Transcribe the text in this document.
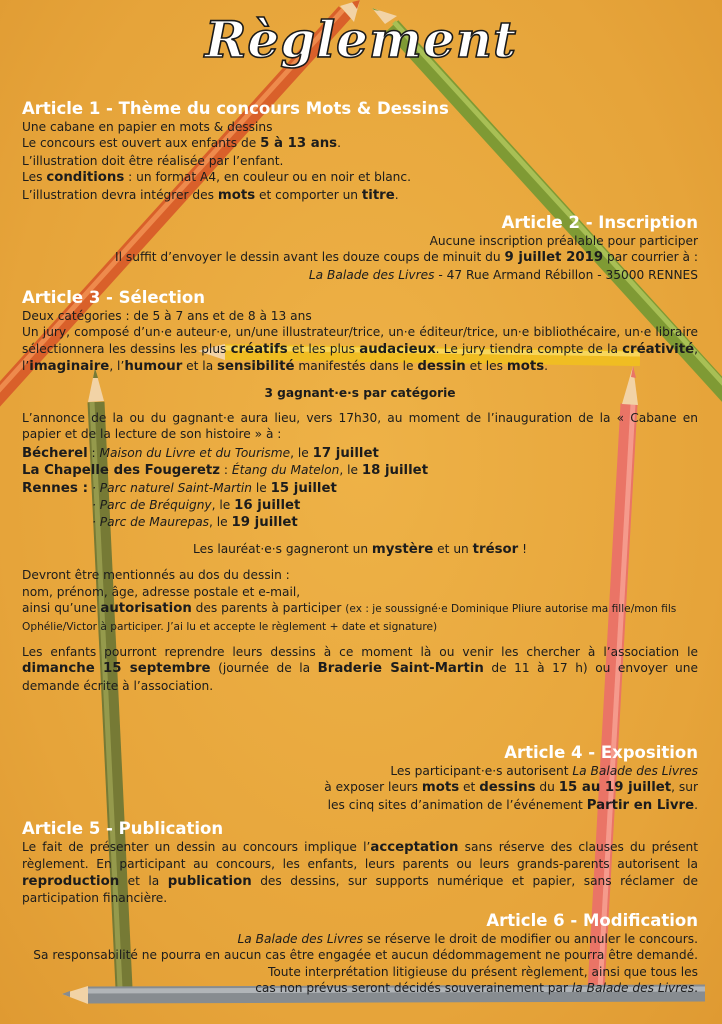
Règlement

Article 1 - Thème du concours Mots & Dessins

Une cabane en papier en mots & dessins

Le concours est ouvert aux enfants de 5 à 13 ans.

L’illustration doit être réalisée par l’enfant.

Les conditions : un format A4, en couleur ou en noir et blanc.

L’illustration devra intégrer des mots et comporter un titre.

Article 2 - Inscription

Aucune inscription préalable pour participer

Il suffit d’envoyer le dessin avant les douze coups de minuit du 9 juillet 2019 par courrier à :

La Balade des Livres - 47 Rue Armand Rébillon - 35000 RENNES

Article 3 - Sélection

Deux catégories : de 5 à 7 ans et de 8 à 13 ans

Un jury, composé d’un·e auteur·e, un/une illustrateur/trice, un·e éditeur/trice, un·e bibliothécaire, un·e libraire sélectionnera les dessins les plus créatifs et les plus audacieux. Le jury tiendra compte de la créativité, l’imaginaire, l’humour et la sensibilité manifestés dans le dessin et les mots.

3 gagnant·e·s par catégorie

L’annonce de la ou du gagnant·e aura lieu, vers 17h30, au moment de l’inauguration de la « Cabane en papier et de la lecture de son histoire » à :

Bécherel : Maison du Livre et du Tourisme, le 17 juillet

La Chapelle des Fougeretz : Étang du Matelon, le 18 juillet

Rennes : · Parc naturel Saint-Martin le 15 juillet

· Parc de Bréquigny, le 16 juillet

· Parc de Maurepas, le 19 juillet

Les lauréat·e·s gagneront un mystère et un trésor !

Devront être mentionnés au dos du dessin :

nom, prénom, âge, adresse postale et e-mail,

ainsi qu’une autorisation des parents à participer (ex : je soussigné·e Dominique Pliure autorise ma fille/mon fils Ophélie/Victor à participer. J’ai lu et accepte le règlement + date et signature)

Les enfants pourront reprendre leurs dessins à ce moment là ou venir les chercher à l’association le dimanche 15 septembre (journée de la Braderie Saint-Martin de 11 à 17 h) ou envoyer une demande écrite à l’association.

Article 4 - Exposition

Les participant·e·s autorisent La Balade des Livres

à exposer leurs mots et dessins du 15 au 19 juillet, sur

les cinq sites d’animation de l’événement Partir en Livre.

Article 5 - Publication

Le fait de présenter un dessin au concours implique l’acceptation sans réserve des clauses du présent règlement. En participant au concours, les enfants, leurs parents ou leurs grands-parents autorisent la reproduction et la publication des dessins, sur supports numérique et papier, sans réclamer de participation financière.

Article 6 - Modification

La Balade des Livres se réserve le droit de modifier ou annuler le concours.

Sa responsabilité ne pourra en aucun cas être engagée et aucun dédommagement ne pourra être demandé.

Toute interprétation litigieuse du présent règlement, ainsi que tous les

cas non prévus seront décidés souverainement par la Balade des Livres.
